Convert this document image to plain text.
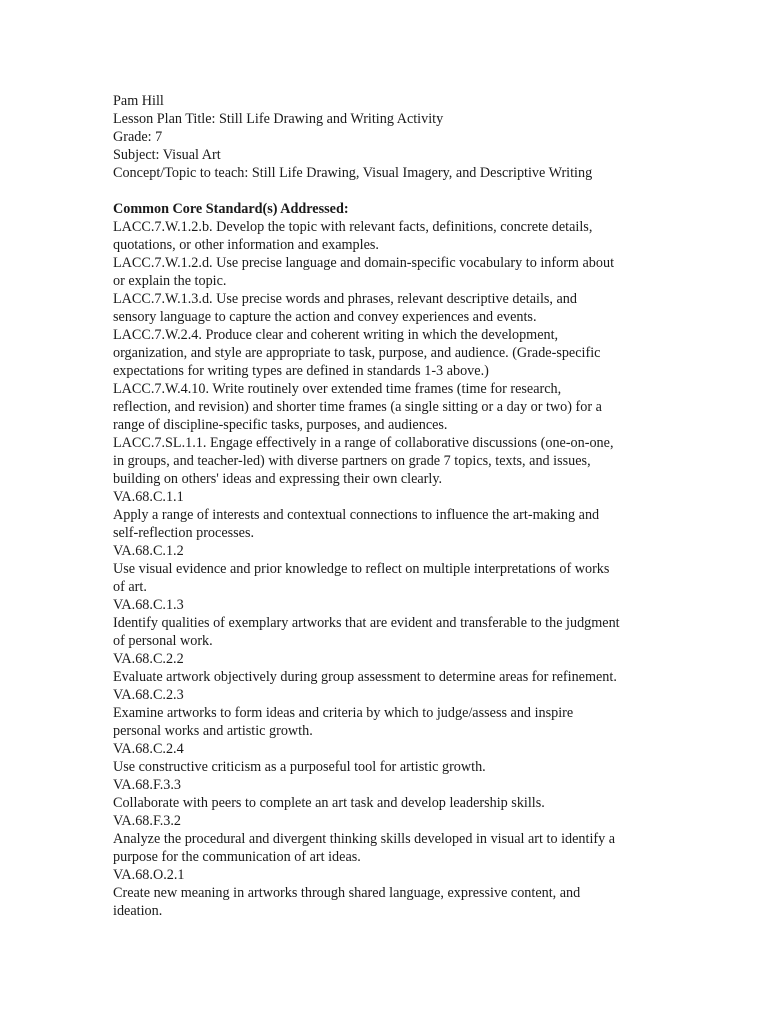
Pam Hill
Lesson Plan Title: Still Life Drawing and Writing Activity
Grade: 7
Subject: Visual Art
Concept/Topic to teach: Still Life Drawing, Visual Imagery, and Descriptive Writing
Common Core Standard(s) Addressed:
LACC.7.W.1.2.b. Develop the topic with relevant facts, definitions, concrete details,
quotations, or other information and examples.
LACC.7.W.1.2.d. Use precise language and domain-specific vocabulary to inform about
or explain the topic.
LACC.7.W.1.3.d. Use precise words and phrases, relevant descriptive details, and
sensory language to capture the action and convey experiences and events.
LACC.7.W.2.4. Produce clear and coherent writing in which the development,
organization, and style are appropriate to task, purpose, and audience. (Grade-specific
expectations for writing types are defined in standards 1-3 above.)
LACC.7.W.4.10. Write routinely over extended time frames (time for research,
reflection, and revision) and shorter time frames (a single sitting or a day or two) for a
range of discipline-specific tasks, purposes, and audiences.
LACC.7.SL.1.1. Engage effectively in a range of collaborative discussions (one-on-one,
in groups, and teacher-led) with diverse partners on grade 7 topics, texts, and issues,
building on others' ideas and expressing their own clearly.
VA.68.C.1.1
Apply a range of interests and contextual connections to influence the art-making and
self-reflection processes.
VA.68.C.1.2
Use visual evidence and prior knowledge to reflect on multiple interpretations of works
of art.
VA.68.C.1.3
Identify qualities of exemplary artworks that are evident and transferable to the judgment
of personal work.
VA.68.C.2.2
Evaluate artwork objectively during group assessment to determine areas for refinement.
VA.68.C.2.3
Examine artworks to form ideas and criteria by which to judge/assess and inspire
personal works and artistic growth.
VA.68.C.2.4
Use constructive criticism as a purposeful tool for artistic growth.
VA.68.F.3.3
Collaborate with peers to complete an art task and develop leadership skills.
VA.68.F.3.2
Analyze the procedural and divergent thinking skills developed in visual art to identify a
purpose for the communication of art ideas.
VA.68.O.2.1
Create new meaning in artworks through shared language, expressive content, and
ideation.
